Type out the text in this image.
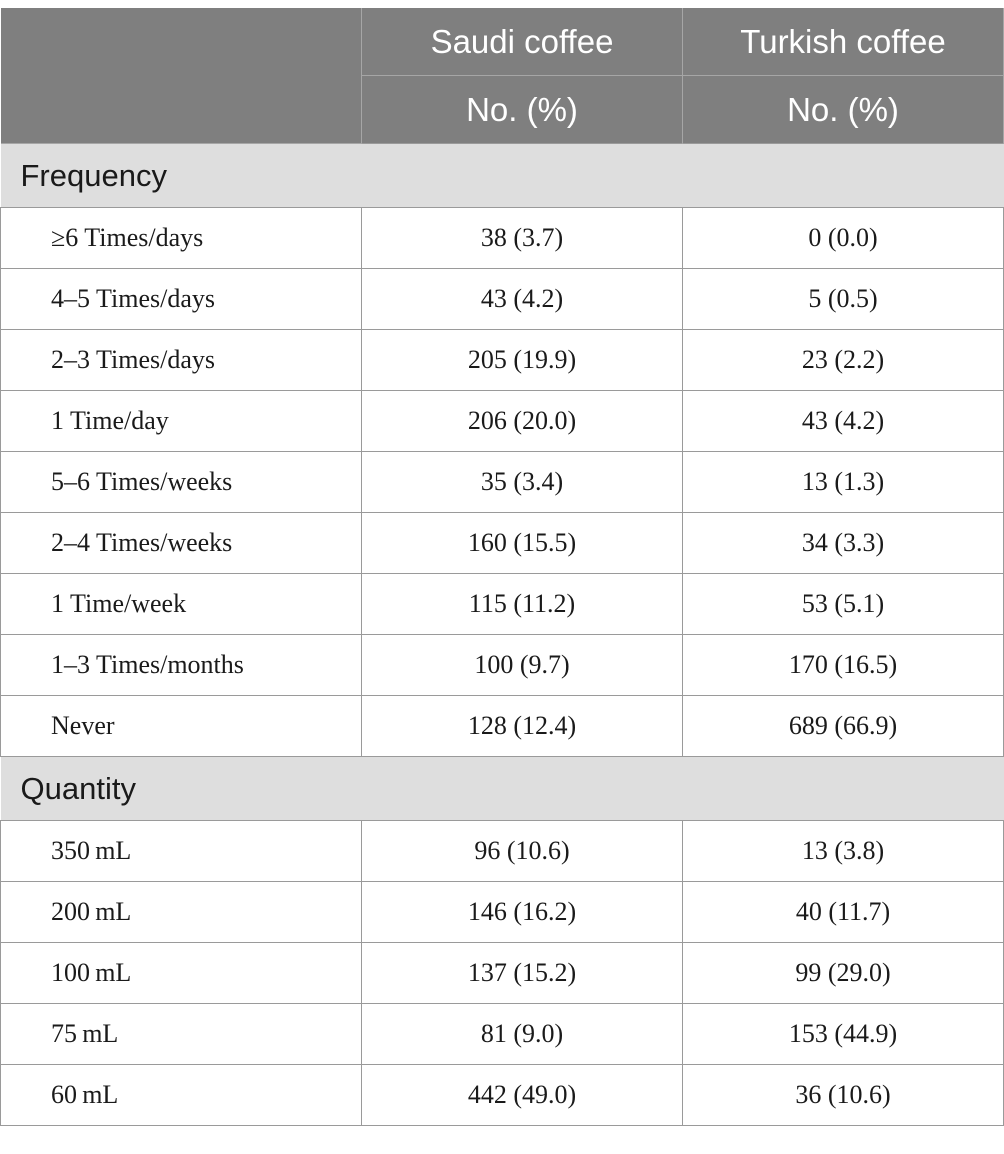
	Saudi coffee	Turkish coffee
	No. (%)	No. (%)
Frequency		
≥6 Times/days	38 (3.7)	0 (0.0)
4–5 Times/days	43 (4.2)	5 (0.5)
2–3 Times/days	205 (19.9)	23 (2.2)
1 Time/day	206 (20.0)	43 (4.2)
5–6 Times/weeks	35 (3.4)	13 (1.3)
2–4 Times/weeks	160 (15.5)	34 (3.3)
1 Time/week	115 (11.2)	53 (5.1)
1–3 Times/months	100 (9.7)	170 (16.5)
Never	128 (12.4)	689 (66.9)
Quantity		
350 mL	96 (10.6)	13 (3.8)
200 mL	146 (16.2)	40 (11.7)
100 mL	137 (15.2)	99 (29.0)
75 mL	81 (9.0)	153 (44.9)
60 mL	442 (49.0)	36 (10.6)
